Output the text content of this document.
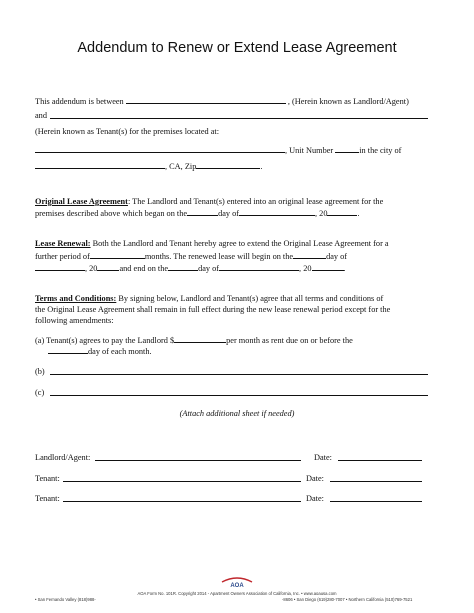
Addendum to Renew or Extend Lease Agreement
This addendum is between	, (Herein known as Landlord/Agent)
and
(Herein known as Tenant(s) for the premises located at:
, Unit Number	in the city of
, CA, Zip	.
Original Lease Agreement: The Landlord and Tenant(s) entered into an original lease agreement for the
premises described above which began on the	day of	, 20	.
Lease Renewal: Both the Landlord and Tenant hereby agree to extend the Original Lease Agreement for a
further period of	months. The renewed lease will begin on the	day of
, 20	and end on the	day of	, 20	.
Terms and Conditions: By signing below, Landlord and Tenant(s) agree that all terms and conditions of
the Original Lease Agreement shall remain in full effect during the new lease renewal period except for the
following amendments:
(a) Tenant(s) agrees to pay the Landlord $	per month as rent due on or before the
day of each month.
(b)
(c)
(Attach additional sheet if needed)
Landlord/Agent:	Date:
Tenant:	Date:
Tenant:	Date:
AOA
AOA Form No. 101R. Copyright 2014 - Apartment Owners Association of California, Inc. • www.aoausa.com
• San Fernando Valley (818)988-	-8606 • San Diego (619)280-7007 • Northern California (510)769-7521
